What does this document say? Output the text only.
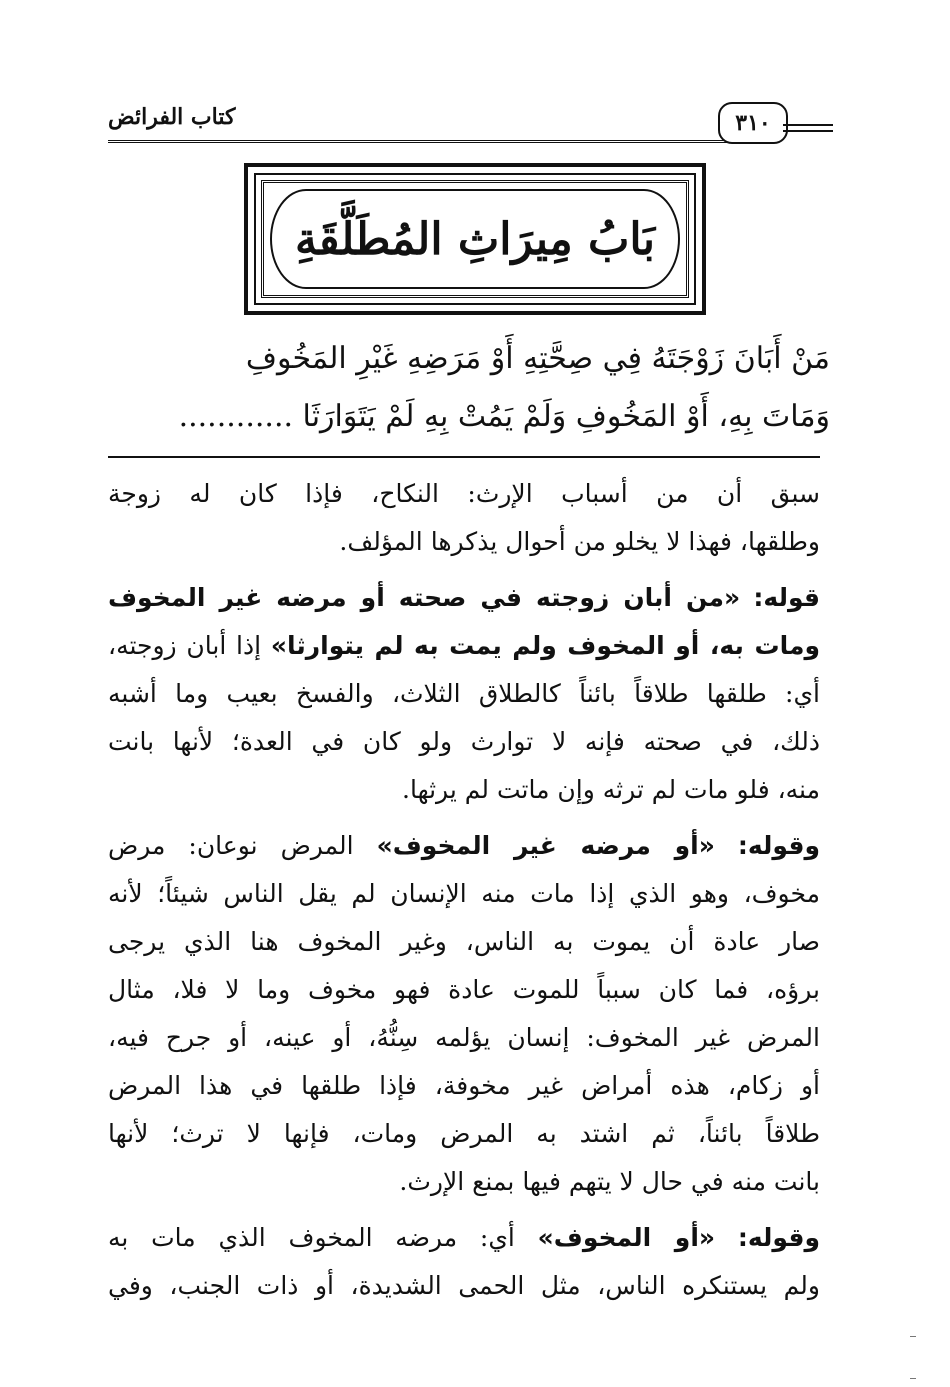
كتاب الفرائض	٣١٠
بَابُ مِيرَاثِ المُطَلَّقَةِ
مَنْ أَبَانَ زَوْجَتَهُ فِي صِحَّتِهِ أَوْ مَرَضِهِ غَيْرِ المَخُوفِ
وَمَاتَ بِهِ، أَوْ المَخُوفِ وَلَمْ يَمُتْ بِهِ لَمْ يَتَوَارَثَا ............
سبق أن من أسباب الإرث: النكاح، فإذا كان له زوجة
وطلقها، فهذا لا يخلو من أحوال يذكرها المؤلف.
قوله: «من أبان زوجته في صحته أو مرضه غير المخوف
ومات به، أو المخوف ولم يمت به لم يتوارثا» إذا أبان زوجته،
أي: طلقها طلاقاً بائناً كالطلاق الثلاث، والفسخ بعيب وما أشبه
ذلك، في صحته فإنه لا توارث ولو كان في العدة؛ لأنها بانت
منه، فلو مات لم ترثه وإن ماتت لم يرثها.
وقوله: «أو مرضه غير المخوف» المرض نوعان: مرض
مخوف، وهو الذي إذا مات منه الإنسان لم يقل الناس شيئاً؛ لأنه
صار عادة أن يموت به الناس، وغير المخوف هنا الذي يرجى
برؤه، فما كان سبباً للموت عادة فهو مخوف وما لا فلا، مثال
المرض غير المخوف: إنسان يؤلمه سِنُّهُ، أو عينه، أو جرح فيه،
أو زكام، هذه أمراض غير مخوفة، فإذا طلقها في هذا المرض
طلاقاً بائناً، ثم اشتد به المرض ومات، فإنها لا ترث؛ لأنها
بانت منه في حال لا يتهم فيها بمنع الإرث.
وقوله: «أو المخوف» أي: مرضه المخوف الذي مات به
ولم يستنكره الناس، مثل الحمى الشديدة، أو ذات الجنب، وفي
